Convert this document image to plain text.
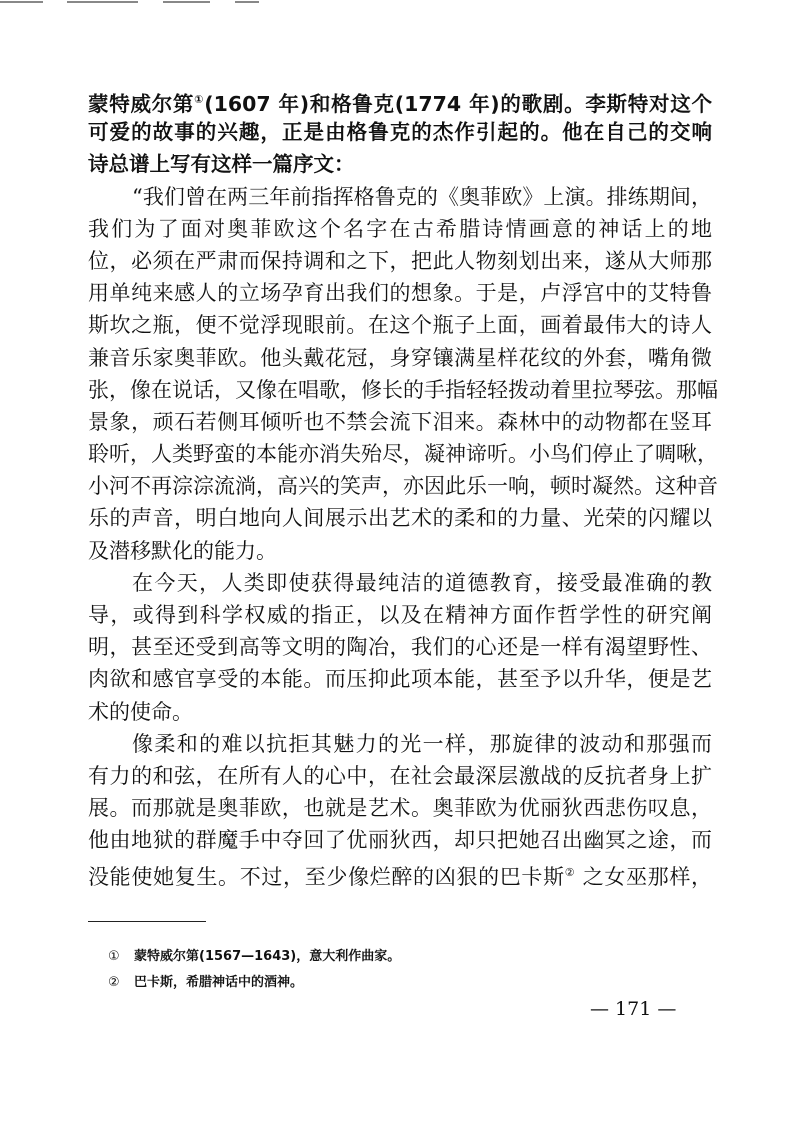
蒙特威尔第①(1607 年)和格鲁克(1774 年)的歌剧。李斯特对这个
可爱的故事的兴趣，正是由格鲁克的杰作引起的。他在自己的交响
诗总谱上写有这样一篇序文：
“我们曾在两三年前指挥格鲁克的《奥菲欧》上演。排练期间，
我们为了面对奥菲欧这个名字在古希腊诗情画意的神话上的地
位，必须在严肃而保持调和之下，把此人物刻划出来，遂从大师那
用单纯来感人的立场孕育出我们的想象。于是，卢浮宫中的艾特鲁
斯坎之瓶，便不觉浮现眼前。在这个瓶子上面，画着最伟大的诗人
兼音乐家奥菲欧。他头戴花冠，身穿镶满星样花纹的外套，嘴角微
张，像在说话，又像在唱歌，修长的手指轻轻拨动着里拉琴弦。那幅
景象，顽石若侧耳倾听也不禁会流下泪来。森林中的动物都在竖耳
聆听，人类野蛮的本能亦消失殆尽，凝神谛听。小鸟们停止了啁啾，
小河不再淙淙流淌，高兴的笑声，亦因此乐一响，顿时凝然。这种音
乐的声音，明白地向人间展示出艺术的柔和的力量、光荣的闪耀以
及潜移默化的能力。
在今天，人类即使获得最纯洁的道德教育，接受最准确的教
导，或得到科学权威的指正，以及在精神方面作哲学性的研究阐
明，甚至还受到高等文明的陶冶，我们的心还是一样有渴望野性、
肉欲和感官享受的本能。而压抑此项本能，甚至予以升华，便是艺
术的使命。
像柔和的难以抗拒其魅力的光一样，那旋律的波动和那强而
有力的和弦，在所有人的心中，在社会最深层激战的反抗者身上扩
展。而那就是奥菲欧，也就是艺术。奥菲欧为优丽狄西悲伤叹息，
他由地狱的群魔手中夺回了优丽狄西，却只把她召出幽冥之途，而
没能使她复生。不过，至少像烂醉的凶狠的巴卡斯② 之女巫那样，
① 蒙特威尔第(1567—1643)，意大利作曲家。
② 巴卡斯，希腊神话中的酒神。
— 171 —
